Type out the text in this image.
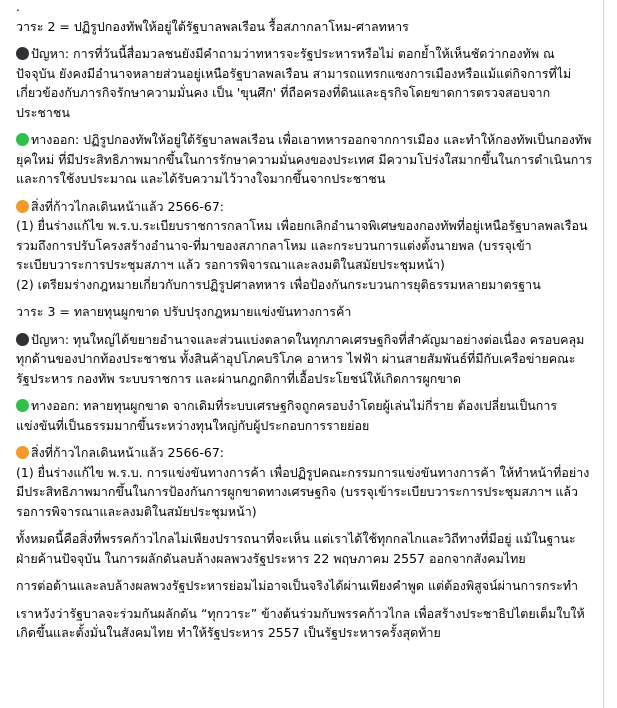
.

วาระ 2 = ปฏิรูปกองทัพให้อยู่ใต้รัฐบาลพลเรือน รื้อสภากลาโหม-ศาลทหาร

ปัญหา: การที่วันนี้สื่อมวลชนยังมีคำถามว่าทหารจะรัฐประหารหรือไม่ ตอกย้ำให้เห็นชัดว่ากองทัพ ณ ปัจจุบัน ยังคงมีอำนาจหลายส่วนอยู่เหนือรัฐบาลพลเรือน สามารถแทรกแซงการเมืองหรือแม้แต่กิจการที่ไม่เกี่ยวข้องกับภารกิจรักษาความมั่นคง เป็น 'ขุนศึก' ที่ถือครองที่ดินและธุรกิจโดยขาดการตรวจสอบจากประชาชน

ทางออก: ปฏิรูปกองทัพให้อยู่ใต้รัฐบาลพลเรือน เพื่อเอาทหารออกจากการเมือง และทำให้กองทัพเป็นกองทัพยุคใหม่ ที่มีประสิทธิภาพมากขึ้นในการรักษาความมั่นคงของประเทศ มีความโปร่งใสมากขึ้นในการดำเนินการและการใช้งบประมาณ และได้รับความไว้วางใจมากขึ้นจากประชาชน

สิ่งที่ก้าวไกลเดินหน้าแล้ว 2566-67:

(1) ยื่นร่างแก้ไข พ.ร.บ.ระเบียบราชการกลาโหม เพื่อยกเลิกอำนาจพิเศษของกองทัพที่อยู่เหนือรัฐบาลพลเรือน รวมถึงการปรับโครงสร้างอำนาจ-ที่มาของสภากลาโหม และกระบวนการแต่งตั้งนายพล (บรรจุเข้าระเบียบวาระการประชุมสภาฯ แล้ว รอการพิจารณาและลงมติในสมัยประชุมหน้า)
(2) เตรียมร่างกฎหมายเกี่ยวกับการปฏิรูปศาลทหาร เพื่อป้องกันกระบวนการยุติธรรมหลายมาตรฐาน

วาระ 3 = ทลายทุนผูกขาด ปรับปรุงกฎหมายแข่งขันทางการค้า

ปัญหา: ทุนใหญ่ได้ขยายอำนาจและส่วนแบ่งตลาดในทุกภาคเศรษฐกิจที่สำคัญมาอย่างต่อเนื่อง ครอบคลุมทุกด้านของปากท้องประชาชน ทั้งสินค้าอุปโภคบริโภค อาหาร ไฟฟ้า ผ่านสายสัมพันธ์ที่มีกับเครือข่ายคณะรัฐประหาร กองทัพ ระบบราชการ และผ่านกฎกติกาที่เอื้อประโยชน์ให้เกิดการผูกขาด

ทางออก: ทลายทุนผูกขาด จากเดิมที่ระบบเศรษฐกิจถูกครอบงำโดยผู้เล่นไม่กี่ราย ต้องเปลี่ยนเป็นการแข่งขันที่เป็นธรรมมากขึ้นระหว่างทุนใหญ่กับผู้ประกอบการรายย่อย

สิ่งที่ก้าวไกลเดินหน้าแล้ว 2566-67:

(1) ยื่นร่างแก้ไข พ.ร.บ. การแข่งขันทางการค้า เพื่อปฏิรูปคณะกรรมการแข่งขันทางการค้า ให้ทำหน้าที่อย่างมีประสิทธิภาพมากขึ้นในการป้องกันการผูกขาดทางเศรษฐกิจ (บรรจุเข้าระเบียบวาระการประชุมสภาฯ แล้ว รอการพิจารณาและลงมติในสมัยประชุมหน้า)

ทั้งหมดนี้คือสิ่งที่พรรคก้าวไกลไม่เพียงปรารถนาที่จะเห็น แต่เราได้ใช้ทุกกลไกและวิถีทางที่มีอยู่ แม้ในฐานะฝ่ายค้านปัจจุบัน ในการผลักดันลบล้างผลพวงรัฐประหาร 22 พฤษภาคม 2557 ออกจากสังคมไทย

การต่อต้านและลบล้างผลพวงรัฐประหารย่อมไม่อาจเป็นจริงได้ผ่านเพียงคำพูด แต่ต้องพิสูจน์ผ่านการกระทำ

เราหวังว่ารัฐบาลจะร่วมกันผลักดัน “ทุกวาระ” ข้างต้นร่วมกับพรรคก้าวไกล เพื่อสร้างประชาธิปไตยเต็มใบให้เกิดขึ้นและตั้งมั่นในสังคมไทย ทำให้รัฐประหาร 2557 เป็นรัฐประหารครั้งสุดท้าย
